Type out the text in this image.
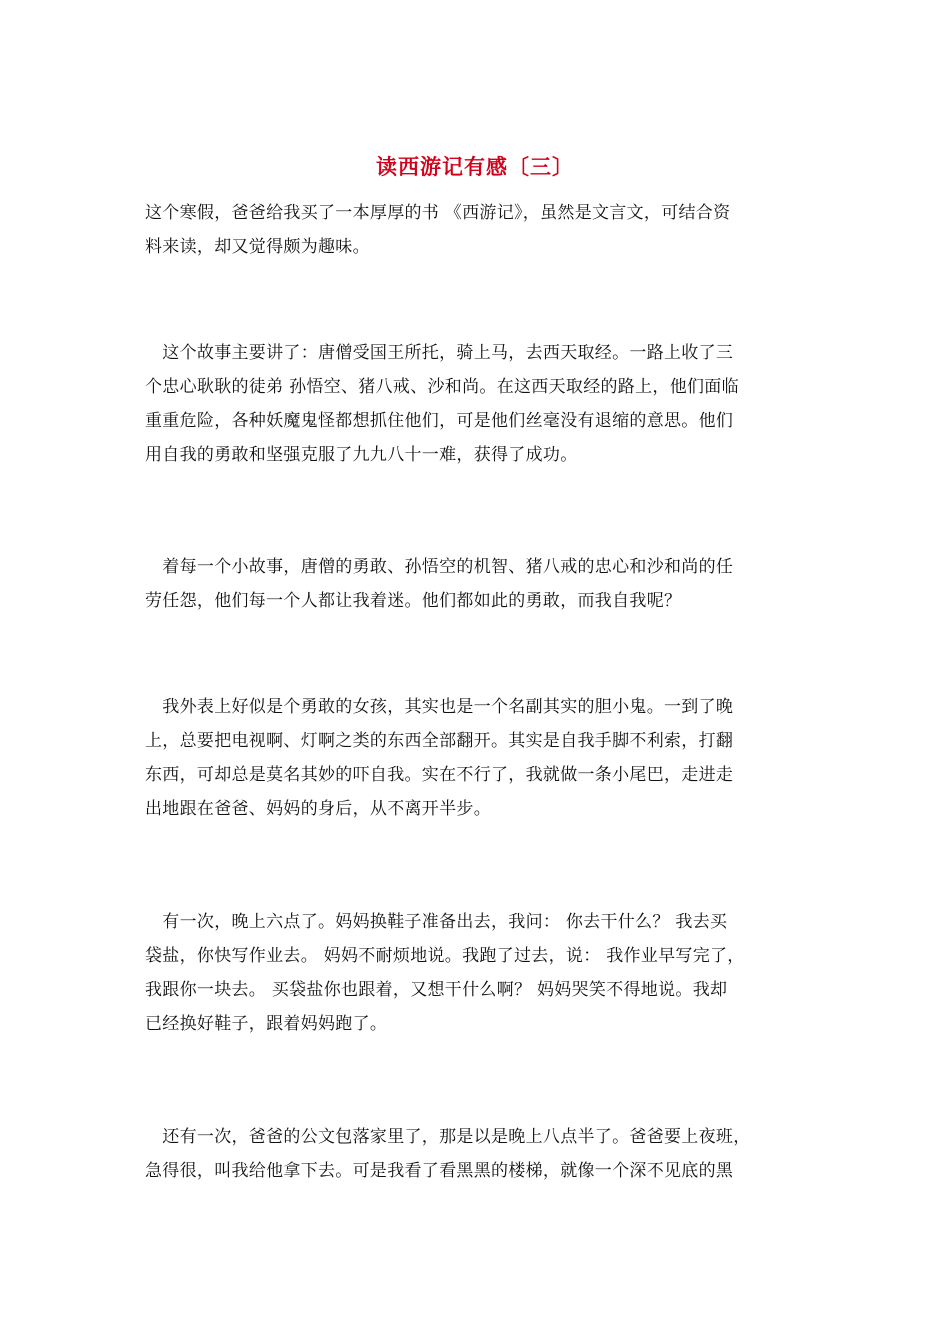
读西游记有感〔三〕

这个寒假，爸爸给我买了一本厚厚的书 《西游记》，虽然是文言文，可结合资
料来读，却又觉得颇为趣味。

　这个故事主要讲了：唐僧受国王所托，骑上马，去西天取经。一路上收了三
个忠心耿耿的徒弟 孙悟空、猪八戒、沙和尚。在这西天取经的路上，他们面临
重重危险，各种妖魔鬼怪都想抓住他们，可是他们丝毫没有退缩的意思。他们
用自我的勇敢和坚强克服了九九八十一难，获得了成功。

　着每一个小故事，唐僧的勇敢、孙悟空的机智、猪八戒的忠心和沙和尚的任
劳任怨，他们每一个人都让我着迷。他们都如此的勇敢，而我自我呢？

　我外表上好似是个勇敢的女孩，其实也是一个名副其实的胆小鬼。一到了晚
上，总要把电视啊、灯啊之类的东西全部翻开。其实是自我手脚不利索，打翻
东西，可却总是莫名其妙的吓自我。实在不行了，我就做一条小尾巴，走进走
出地跟在爸爸、妈妈的身后，从不离开半步。

　有一次，晚上六点了。妈妈换鞋子准备出去，我问： 你去干什么？ 我去买
袋盐，你快写作业去。 妈妈不耐烦地说。我跑了过去，说： 我作业早写完了，
我跟你一块去。 买袋盐你也跟着，又想干什么啊？ 妈妈哭笑不得地说。我却
已经换好鞋子，跟着妈妈跑了。

　还有一次，爸爸的公文包落家里了，那是以是晚上八点半了。爸爸要上夜班，
急得很，叫我给他拿下去。可是我看了看黑黑的楼梯，就像一个深不见底的黑
